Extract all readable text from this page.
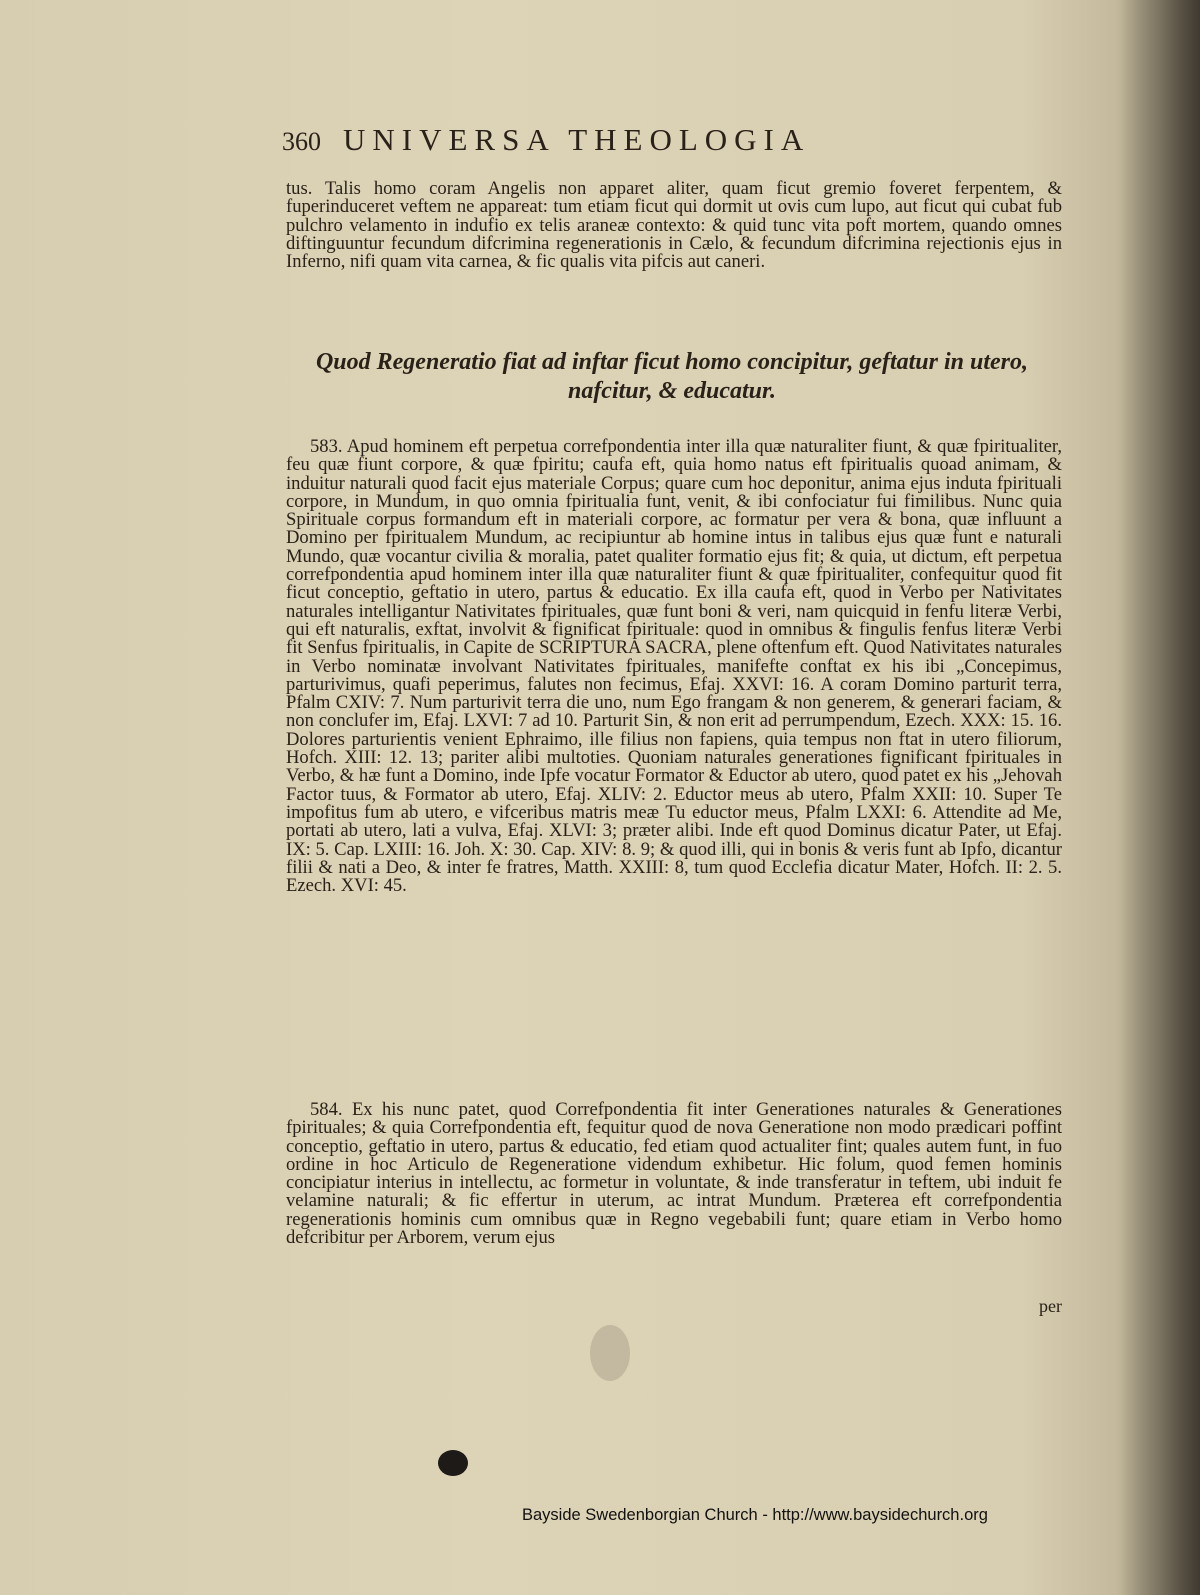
360 UNIVERSA THEOLOGIA
tus. Talis homo coram Angelis non apparet aliter, quam ficut gremio foveret ferpentem, & fuperinduceret veftem ne appareat: tum etiam ficut qui dormit ut ovis cum lupo, aut ficut qui cubat fub pulchro velamento in indufio ex telis araneæ contexto: & quid tunc vita poft mortem, quando omnes diftinguuntur fecundum difcrimina regenerationis in Cælo, & fecundum difcrimina rejectionis ejus in Inferno, nifi quam vita carnea, & fic qualis vita pifcis aut caneri.
Quod Regeneratio fiat ad inftar ficut homo concipitur, geftatur in utero, nafcitur, & educatur.
583. Apud hominem eft perpetua correfpondentia inter illa quæ naturaliter fiunt, & quæ fpiritualiter, feu quæ fiunt corpore, & quæ fpiritu; caufa eft, quia homo natus eft fpiritualis quoad animam, & induitur naturali quod facit ejus materiale Corpus; quare cum hoc deponitur, anima ejus induta fpirituali corpore, in Mundum, in quo omnia fpiritualia funt, venit, & ibi confociatur fui fimilibus. Nunc quia Spirituale corpus formandum eft in materiali corpore, ac formatur per vera & bona, quæ influunt a Domino per fpiritualem Mundum, ac recipiuntur ab homine intus in talibus ejus quæ funt e naturali Mundo, quæ vocantur civilia & moralia, patet qualiter formatio ejus fit; & quia, ut dictum, eft perpetua correfpondentia apud hominem inter illa quæ naturaliter fiunt & quæ fpiritualiter, confequitur quod fit ficut conceptio, geftatio in utero, partus & educatio. Ex illa caufa eft, quod in Verbo per Nativitates naturales intelligantur Nativitates fpirituales, quæ funt boni & veri, nam quicquid in fenfu literæ Verbi, qui eft naturalis, exftat, involvit & fignificat fpirituale: quod in omnibus & fingulis fenfus literæ Verbi fit Senfus fpiritualis, in Capite de SCRIPTURA SACRA, plene oftenfum eft. Quod Nativitates naturales in Verbo nominatæ involvant Nativitates fpirituales, manifefte conftat ex his ibi „Concepimus, parturivimus, quafi peperimus, falutes non fecimus, Efaj. XXVI: 16. A coram Domino parturit terra, Pfalm CXIV: 7. Num parturivit terra die uno, num Ego frangam & non generem, & generari faciam, & non conclufer im, Efaj. LXVI: 7 ad 10. Parturit Sin, & non erit ad perrumpendum, Ezech. XXX: 15. 16. Dolores parturientis venient Ephraimo, ille filius non fapiens, quia tempus non ftat in utero filiorum, Hofch. XIII: 12. 13; pariter alibi multoties. Quoniam naturales generationes fignificant fpirituales in Verbo, & hæ funt a Domino, inde Ipfe vocatur Formator & Eductor ab utero, quod patet ex his „Jehovah Factor tuus, & Formator ab utero, Efaj. XLIV: 2. Eductor meus ab utero, Pfalm XXII: 10. Super Te impofitus fum ab utero, e vifceribus matris meæ Tu eductor meus, Pfalm LXXI: 6. Attendite ad Me, portati ab utero, lati a vulva, Efaj. XLVI: 3; præter alibi. Inde eft quod Dominus dicatur Pater, ut Efaj. IX: 5. Cap. LXIII: 16. Joh. X: 30. Cap. XIV: 8. 9; & quod illi, qui in bonis & veris funt ab Ipfo, dicantur filii & nati a Deo, & inter fe fratres, Matth. XXIII: 8, tum quod Ecclefia dicatur Mater, Hofch. II: 2. 5. Ezech. XVI: 45.
584. Ex his nunc patet, quod Correfpondentia fit inter Generationes naturales & Generationes fpirituales; & quia Correfpondentia eft, fequitur quod de nova Generatione non modo prædicari poffint conceptio, geftatio in utero, partus & educatio, fed etiam quod actualiter fint; quales autem funt, in fuo ordine in hoc Articulo de Regeneratione videndum exhibetur. Hic folum, quod femen hominis concipiatur interius in intellectu, ac formetur in voluntate, & inde transferatur in teftem, ubi induit fe velamine naturali; & fic effertur in uterum, ac intrat Mundum. Præterea eft correfpondentia regenerationis hominis cum omnibus quæ in Regno vegebabili funt; quare etiam in Verbo homo defcribitur per Arborem, verum ejus
per
Bayside Swedenborgian Church - http://www.baysidechurch.org
